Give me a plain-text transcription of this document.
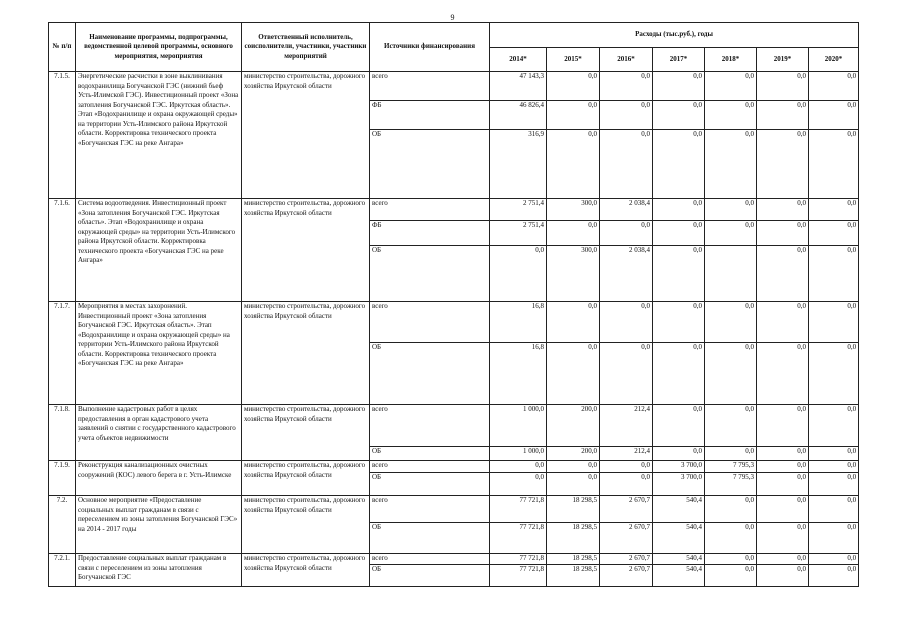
9
№ п/п	Наименование программы, подпрограммы, ведомственной целевой программы, основного мероприятия, мероприятия	Ответственный исполнитель, соисполнители, участники, участники мероприятий	Источники финансирования	Расходы (тыс.руб.), годы						
				2014*	2015*	2016*	2017*	2018*	2019*	2020*
7.1.5.	Энергетические расчистки в зоне выклинивания водохранилища Богучанской ГЭС (нижний бьеф Усть-Илимской ГЭС). Инвестиционный проект «Зона затопления Богучанской ГЭС. Иркутская область». Этап «Водохранилище и охрана окружающей среды» на территории Усть-Илимского района Иркутской области. Корректировка технического проекта «Богучанская ГЭС на реке Ангара»	министерство строительства, дорожного хозяйства Иркутской области	всего	47 143,3	0,0	0,0	0,0	0,0	0,0	0,0
			ФБ	46 826,4	0,0	0,0	0,0	0,0	0,0	0,0
			ОБ	316,9	0,0	0,0	0,0	0,0	0,0	0,0
7.1.6.	Система водоотведения. Инвестиционный проект «Зона затопления Богучанской ГЭС. Иркутская область». Этап «Водохранилище и охрана окружающей среды» на территории Усть-Илимского района Иркутской области. Корректировка технического проекта «Богучанская ГЭС на реке Ангара»	министерство строительства, дорожного хозяйства Иркутской области	всего	2 751,4	300,0	2 038,4	0,0	0,0	0,0	0,0
			ФБ	2 751,4	0,0	0,0	0,0	0,0	0,0	0,0
			ОБ	0,0	300,0	2 038,4	0,0		0,0	0,0
7.1.7.	Мероприятия в местах захоронений. Инвестиционный проект «Зона затопления Богучанской ГЭС. Иркутская область». Этап «Водохранилище и охрана окружающей среды» на территории Усть-Илимского района Иркутской области. Корректировка технического проекта «Богучанская ГЭС на реке Ангара»	министерство строительства, дорожного хозяйства Иркутской области	всего	16,8	0,0	0,0	0,0	0,0	0,0	0,0
			ОБ	16,8	0,0	0,0	0,0	0,0	0,0	0,0
7.1.8.	Выполнение кадастровых работ в целях предоставления в орган кадастрового учета заявлений о снятии с государственного кадастрового учета объектов недвижимости	министерство строительства, дорожного хозяйства Иркутской области	всего	1 000,0	200,0	212,4	0,0	0,0	0,0	0,0
			ОБ	1 000,0	200,0	212,4	0,0	0,0	0,0	0,0
7.1.9.	Реконструкция канализационных очистных сооружений (КОС) левого берега в г. Усть-Илимске	министерство строительства, дорожного хозяйства Иркутской области	всего	0,0	0,0	0,0	3 700,0	7 795,3	0,0	0,0
			ОБ	0,0	0,0	0,0	3 700,0	7 795,3	0,0	0,0
7.2.	Основное мероприятие «Предоставление социальных выплат гражданам в связи с переселением из зоны затопления Богучанской ГЭС» на 2014 - 2017 годы	министерство строительства, дорожного хозяйства Иркутской области	всего	77 721,8	18 298,5	2 670,7	540,4	0,0	0,0	0,0
			ОБ	77 721,8	18 298,5	2 670,7	540,4	0,0	0,0	0,0
7.2.1.	Предоставление социальных выплат гражданам в связи с переселением из зоны затопления Богучанской ГЭС	министерство строительства, дорожного хозяйства Иркутской области	всего	77 721,8	18 298,5	2 670,7	540,4	0,0	0,0	0,0
			ОБ	77 721,8	18 298,5	2 670,7	540,4	0,0	0,0	0,0
